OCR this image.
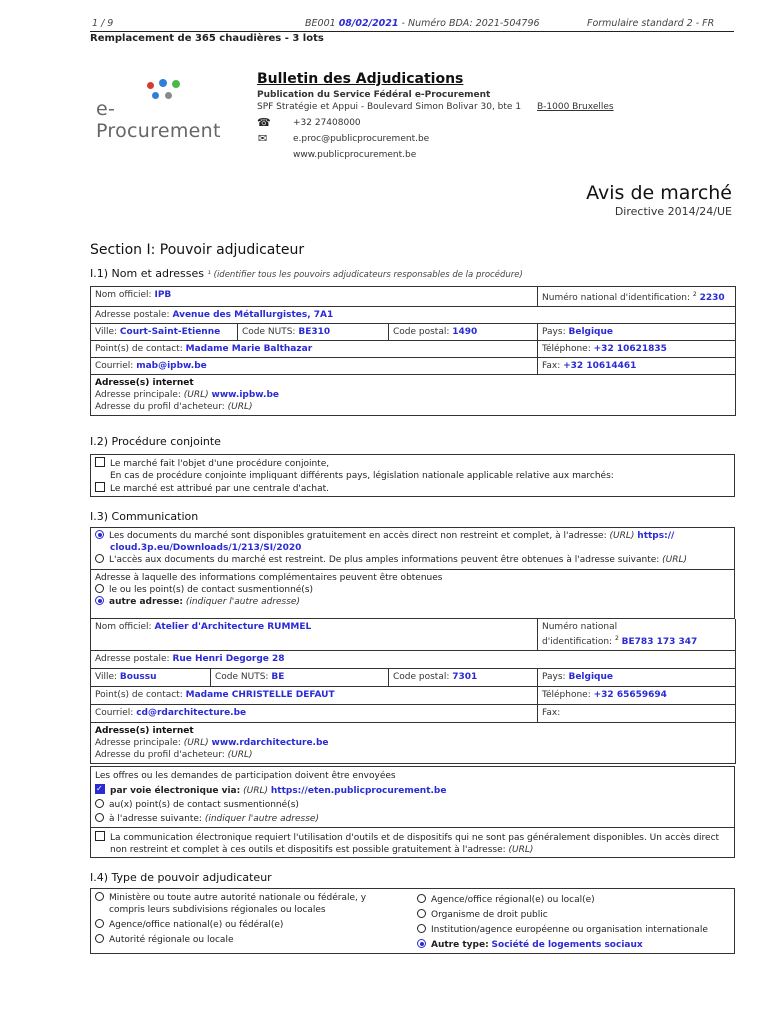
1 / 9	BE001 08/02/2021 - Numéro BDA: 2021-504796	Formulaire standard 2 - FR
Remplacement de 365 chaudières - 3 lots
e-Procurement
Bulletin des Adjudications
Publication du Service Fédéral e-Procurement
SPF Stratégie et Appui - Boulevard Simon Bolivar 30, bte 1 B-1000 Bruxelles
☎ +32 27408000
✉	e.proc@publicprocurement.be
www.publicprocurement.be
Avis de marché
Directive 2014/24/UE
Section I: Pouvoir adjudicateur
I.1) Nom et adresses ¹ (identifier tous les pouvoirs adjudicateurs responsables de la procédure)
Nom officiel: IPB			Numéro national d'identification: $^2$ 2230
Adresse postale: Avenue des Métallurgistes, 7A1			
Ville: Court-Saint-Etienne	Code NUTS: BE310	Code postal: 1490	Pays: Belgique
Point(s) de contact: Madame Marie Balthazar			Téléphone: +32 10621835
Courriel: mab@ipbw.be			Fax: +32 10614461

Adresse(s) internet
Adresse principale: (URL) www.ipbw.be
Adresse du profil d'acheteur: (URL)			
I.2) Procédure conjointe
Le marché fait l'objet d'une procédure conjointe,
En cas de procédure conjointe impliquant différents pays, législation nationale applicable relative aux marchés:
Le marché est attribué par une centrale d'achat.
I.3) Communication
Les documents du marché sont disponibles gratuitement en accès direct non restreint et complet, à l'adresse: (URL) https://
cloud.3p.eu/Downloads/1/213/SI/2020
L'accès aux documents du marché est restreint. De plus amples informations peuvent être obtenues à l'adresse suivante: (URL)
Adresse à laquelle des informations complémentaires peuvent être obtenues
le ou les point(s) de contact susmentionné(s)
autre adresse: (indiquer l'autre adresse)
Nom officiel: Atelier d'Architecture RUMMEL			Numéro national
d'identification: $^2$ BE783 173 347

Adresse postale: Rue Henri Degorge 28			
Ville: Boussu	Code NUTS: BE	Code postal: 7301	Pays: Belgique
Point(s) de contact: Madame CHRISTELLE DEFAUT			Téléphone: +32 65659694
Courriel: cd@rdarchitecture.be			Fax:

Adresse(s) internet
Adresse principale: (URL) www.rdarchitecture.be
Adresse du profil d'acheteur: (URL)			
Les offres ou les demandes de participation doivent être envoyées
✓par voie électronique via: (URL) https://eten.publicprocurement.be
au(x) point(s) de contact susmentionné(s)
à l'adresse suivante: (indiquer l'autre adresse)
La communication électronique requiert l'utilisation d'outils et de dispositifs qui ne sont pas généralement disponibles. Un accès direct
non restreint et complet à ces outils et dispositifs est possible gratuitement à l'adresse: (URL)
I.4) Type de pouvoir adjudicateur
Ministère ou toute autre autorité nationale ou fédérale, y compris leurs subdivisions régionales ou locales
Agence/office national(e) ou fédéral(e)
Autorité régionale ou locale
Agence/office régional(e) ou local(e)
Organisme de droit public
Institution/agence européenne ou organisation internationale
Autre type: Société de logements sociaux
